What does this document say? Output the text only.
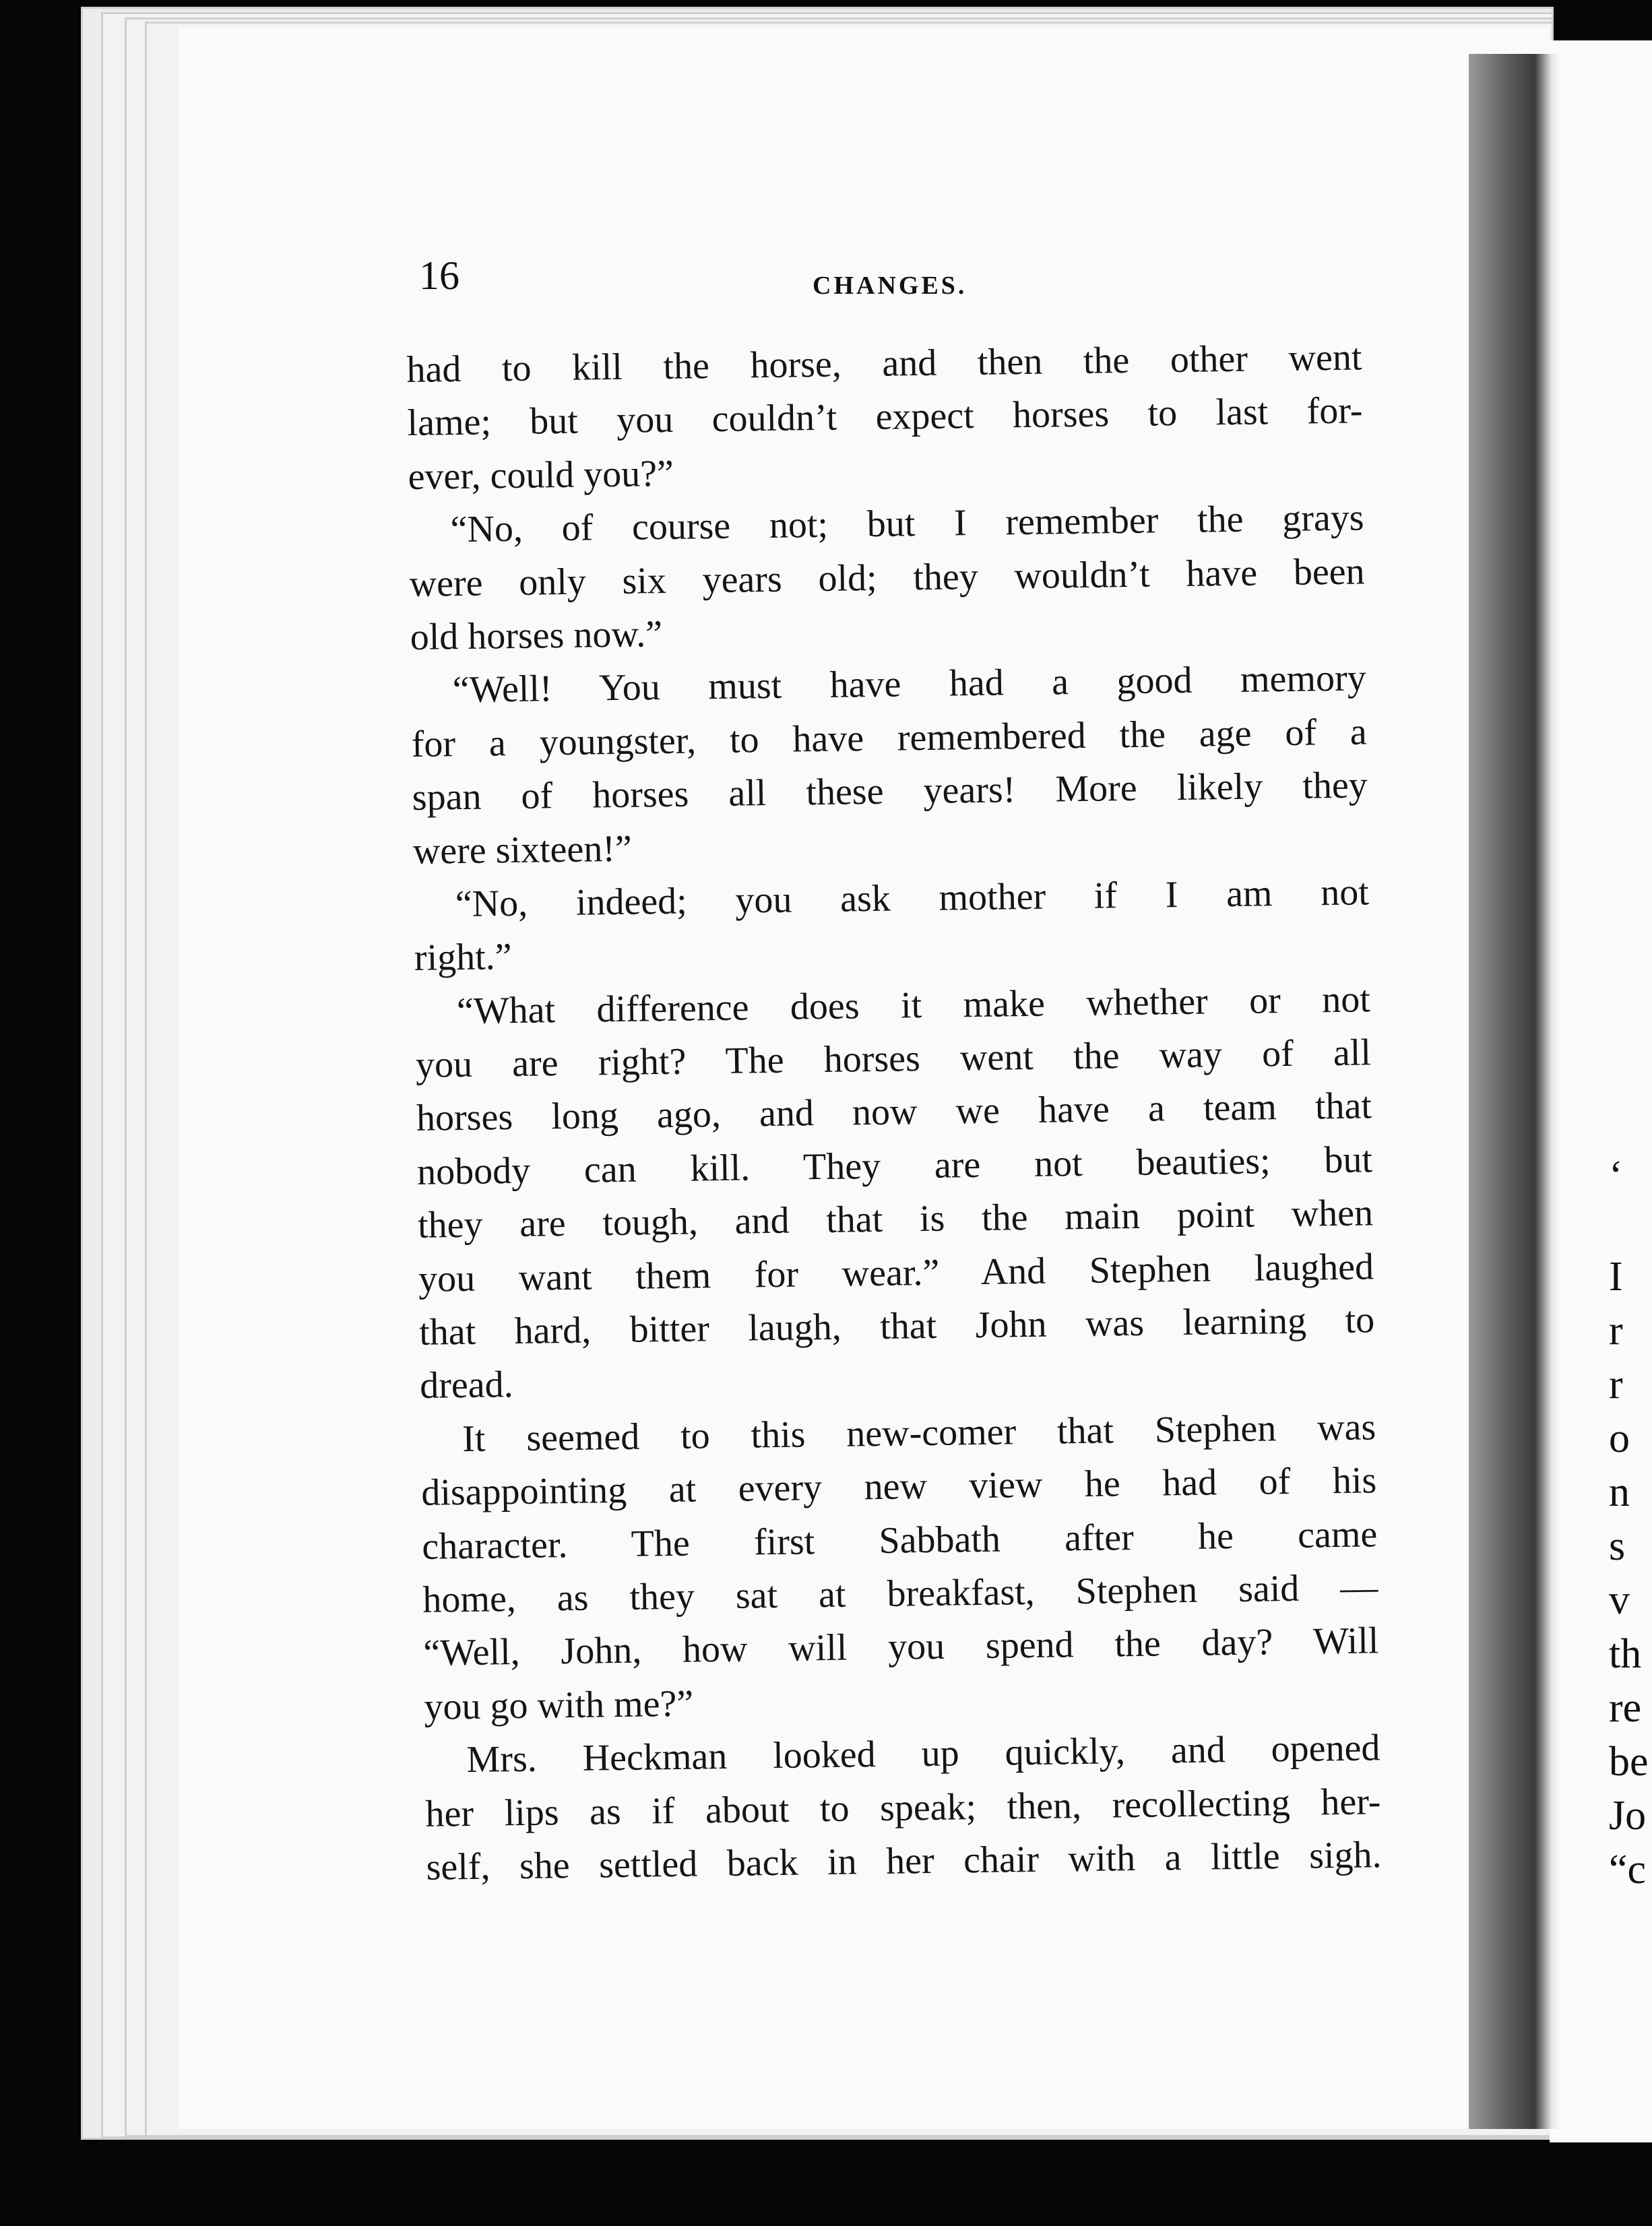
16	CHANGES.
had to kill the horse, and then the other went
lame; but you couldn’t expect horses to last for-
ever, could you?”
“No, of course not; but I remember the grays
were only six years old; they wouldn’t have been
old horses now.”
“Well! You must have had a good memory
for a youngster, to have remembered the age of a
span of horses all these years! More likely they
were sixteen!”
“No, indeed; you ask mother if I am not
right.”
“What difference does it make whether or not
you are right? The horses went the way of all
horses long ago, and now we have a team that
nobody can kill. They are not beauties; but
they are tough, and that is the main point when
you want them for wear.” And Stephen laughed
that hard, bitter laugh, that John was learning to
dread.
It seemed to this new-comer that Stephen was
disappointing at every new view he had of his
character. The first Sabbath after he came
home, as they sat at breakfast, Stephen said —
“Well, John, how will you spend the day? Will
you go with me?”
Mrs. Heckman looked up quickly, and opened
her lips as if about to speak; then, recollecting her-
self, she settled back in her chair with a little sigh.
‘
I
r
r
o
n
s
v
th
re
be
Jo
“c
